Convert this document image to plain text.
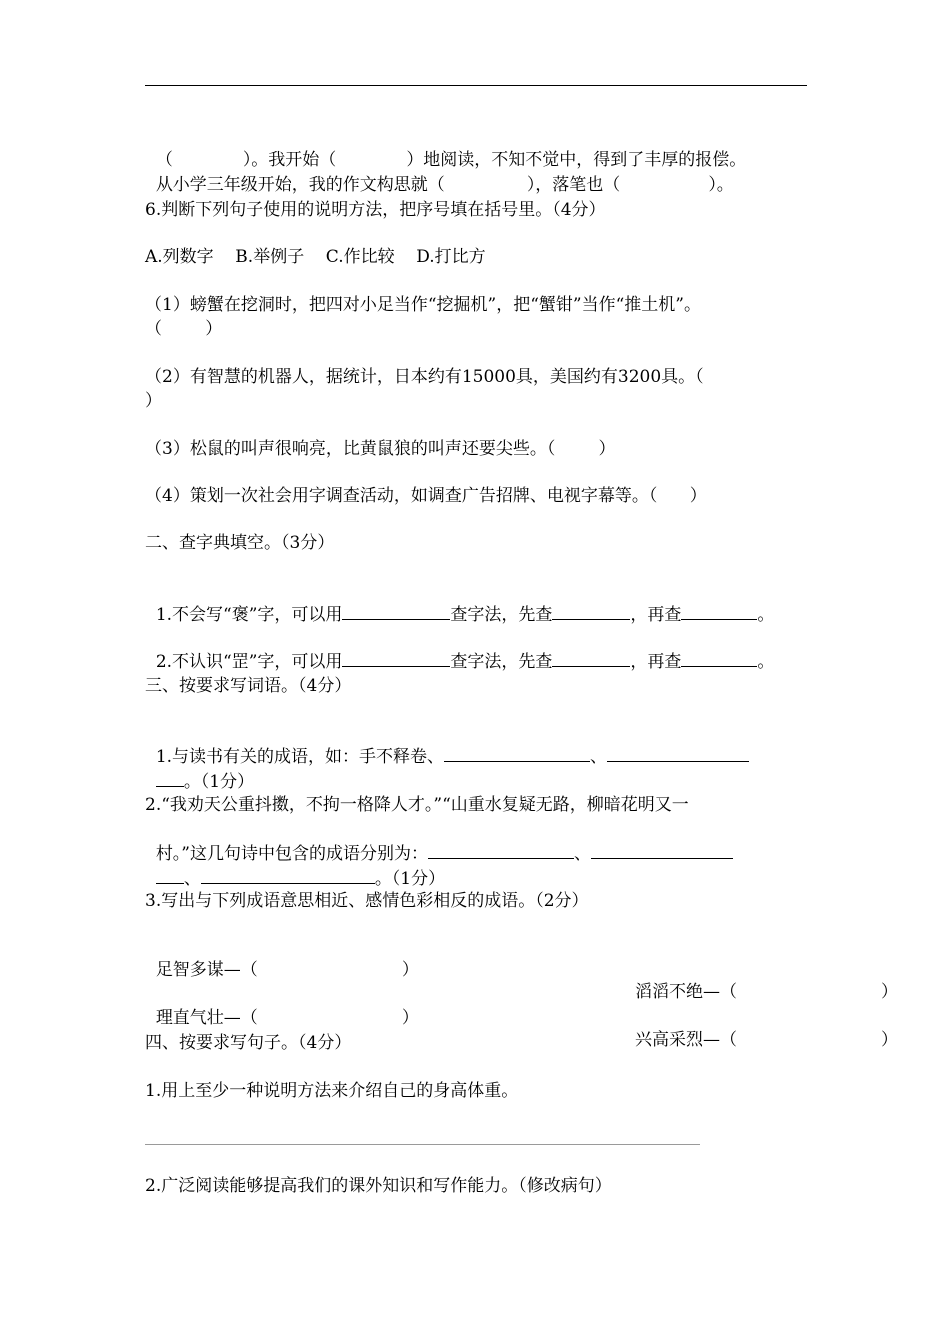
（	）。我开始（	）地阅读，不知不觉中，得到了丰厚的报偿。

从小学三年级开始，我的作文构思就（	），落笔也（	）。

6.判断下列句子使用的说明方法，把序号填在括号里。（4分）
A.列数字    B.举例子    C.作比较    D.打比方
（1）螃蟹在挖洞时，把四对小足当作“挖掘机”，把“蟹钳”当作“推土机”。
（        ）
（2）有智慧的机器人，据统计，日本约有15000具，美国约有3200具。（
）
（3）松鼠的叫声很响亮，比黄鼠狼的叫声还要尖些。（        ）
（4）策划一次社会用字调查活动，如调查广告招牌、电视字幕等。（      ）
二、查字典填空。（3分）

1.不会写“褒”字，可以用	查字法，先查	，再查	。

2.不认识“罡”字，可以用	查字法，先查	，再查	。

三、按要求写词语。（4分）

1.与读书有关的成语，如：手不释卷、	、

。（1分）

2.“我劝天公重抖擞，不拘一格降人才。”“山重水复疑无路，柳暗花明又一

村。”这几句诗中包含的成语分别为：	、

、	。（1分）

3.写出与下列成语意思相近、感情色彩相反的成语。（2分）

足智多谋—（	）

滔滔不绝—（	）

理直气壮—（	）

兴高采烈—（	）

四、按要求写句子。（4分）
1.用上至少一种说明方法来介绍自己的身高体重。
2.广泛阅读能够提高我们的课外知识和写作能力。（修改病句）
